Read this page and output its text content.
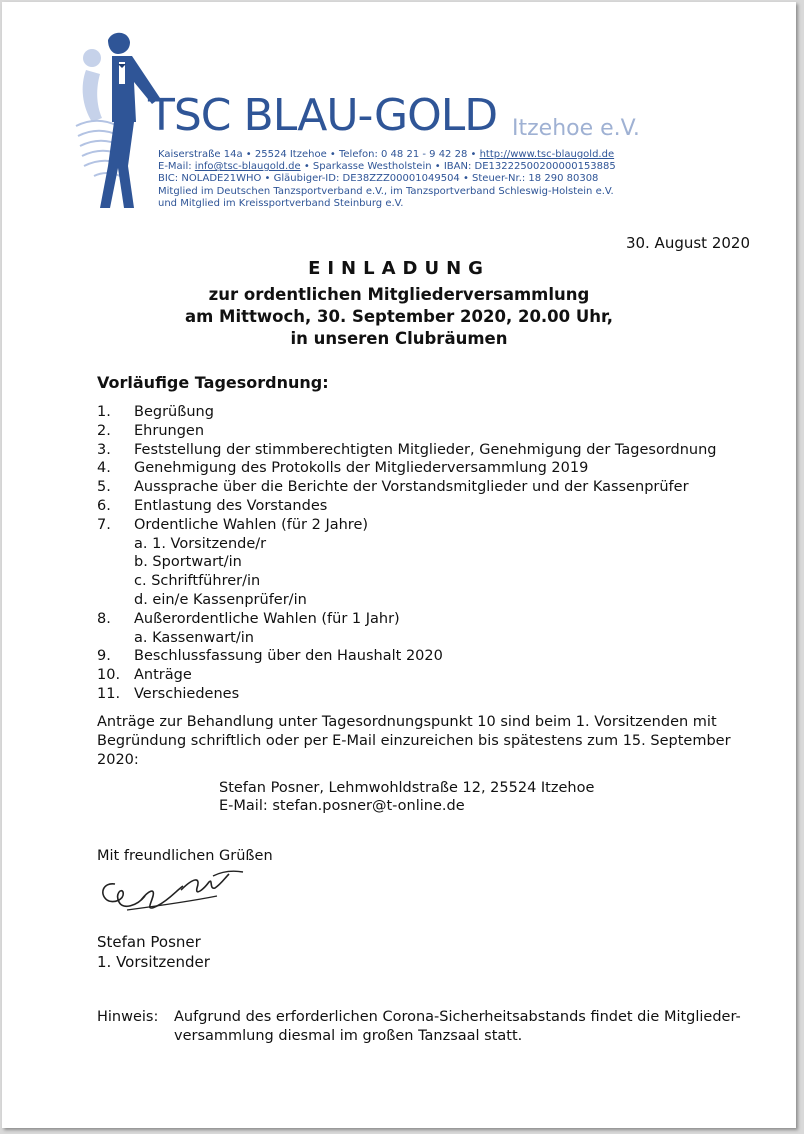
TSC BLAU-GOLD Itzehoe e.V.
Kaiserstraße 14a • 25524 Itzehoe • Telefon: 0 48 21 - 9 42 28 • http://www.tsc-blaugold.de
E-Mail: info@tsc-blaugold.de • Sparkasse Westholstein • IBAN: DE13222500200000153885
BIC: NOLADE21WHO • Gläubiger-ID: DE38ZZZ00001049504 • Steuer-Nr.: 18 290 80308
Mitglied im Deutschen Tanzsportverband e.V., im Tanzsportverband Schleswig-Holstein e.V.
und Mitglied im Kreissportverband Steinburg e.V.
30. August 2020
EINLADUNG
zur ordentlichen Mitgliederversammlung
am Mittwoch, 30. September 2020, 20.00 Uhr,
in unseren Clubräumen
Vorläufige Tagesordnung:
1.	Begrüßung
2.	Ehrungen
3.	Feststellung der stimmberechtigten Mitglieder, Genehmigung der Tagesordnung
4.	Genehmigung des Protokolls der Mitgliederversammlung 2019
5.	Aussprache über die Berichte der Vorstandsmitglieder und der Kassenprüfer
6.	Entlastung des Vorstandes
7.	Ordentliche Wahlen (für 2 Jahre)
a. 1. Vorsitzende/r
b. Sportwart/in
c. Schriftführer/in
d. ein/e Kassenprüfer/in
8.	Außerordentliche Wahlen (für 1 Jahr)
a. Kassenwart/in
9.	Beschlussfassung über den Haushalt 2020
10. Anträge
11. Verschiedenes
Anträge zur Behandlung unter Tagesordnungspunkt 10 sind beim 1. Vorsitzenden mit Begründung schriftlich oder per E-Mail einzureichen bis spätestens zum 15. September 2020:
Stefan Posner, Lehmwohldstraße 12, 25524 Itzehoe
E-Mail: stefan.posner@t-online.de
Mit freundlichen Grüßen
Stefan Posner
1. Vorsitzender
Hinweis:	Aufgrund des erforderlichen Corona-Sicherheitsabstands findet die Mitglieder-
versammlung diesmal im großen Tanzsaal statt.
